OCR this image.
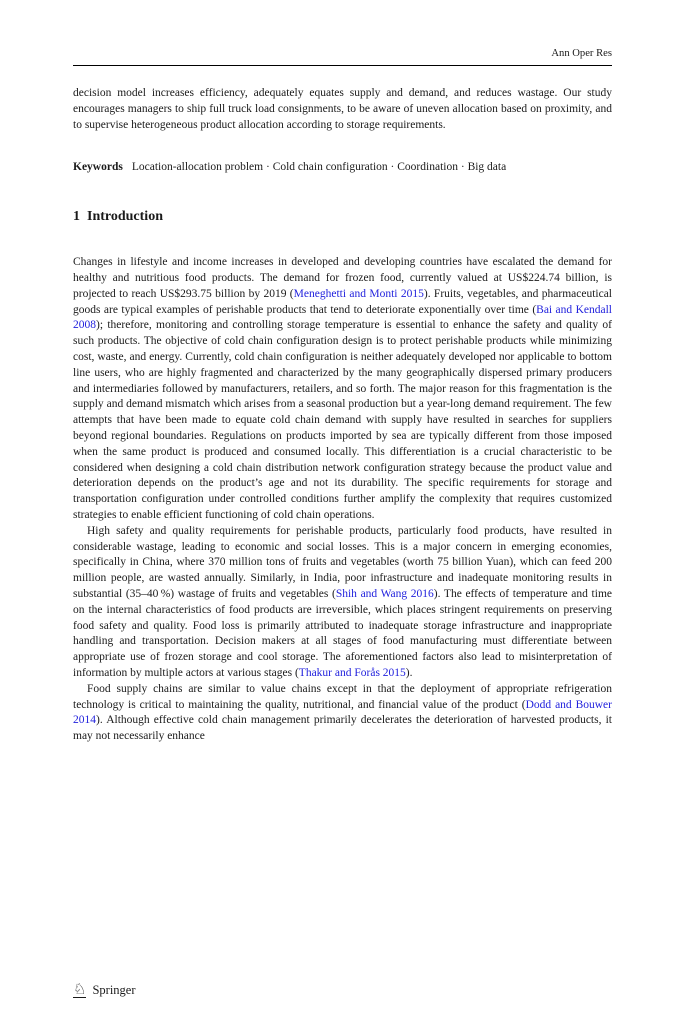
Ann Oper Res

decision model increases efficiency, adequately equates supply and demand, and reduces wastage. Our study encourages managers to ship full truck load consignments, to be aware of uneven allocation based on proximity, and to supervise heterogeneous product allocation according to storage requirements.

Keywords Location-allocation problem · Cold chain configuration · Coordination · Big data

1 Introduction

Changes in lifestyle and income increases in developed and developing countries have escalated the demand for healthy and nutritious food products. The demand for frozen food, currently valued at US$224.74 billion, is projected to reach US$293.75 billion by 2019 (Meneghetti and Monti 2015). Fruits, vegetables, and pharmaceutical goods are typical examples of perishable products that tend to deteriorate exponentially over time (Bai and Kendall 2008); therefore, monitoring and controlling storage temperature is essential to enhance the safety and quality of such products. The objective of cold chain configuration design is to protect perishable products while minimizing cost, waste, and energy. Currently, cold chain configuration is neither adequately developed nor applicable to bottom line users, who are highly fragmented and characterized by the many geographically dispersed primary producers and intermediaries followed by manufacturers, retailers, and so forth. The major reason for this fragmentation is the supply and demand mismatch which arises from a seasonal production but a year-long demand requirement. The few attempts that have been made to equate cold chain demand with supply have resulted in searches for suppliers beyond regional boundaries. Regulations on products imported by sea are typically different from those imposed when the same product is produced and consumed locally. This differentiation is a crucial characteristic to be considered when designing a cold chain distribution network configuration strategy because the product value and deterioration depends on the product’s age and not its durability. The specific requirements for storage and transportation configuration under controlled conditions further amplify the complexity that requires customized strategies to enable efficient functioning of cold chain operations.

High safety and quality requirements for perishable products, particularly food products, have resulted in considerable wastage, leading to economic and social losses. This is a major concern in emerging economies, specifically in China, where 370 million tons of fruits and vegetables (worth 75 billion Yuan), which can feed 200 million people, are wasted annually. Similarly, in India, poor infrastructure and inadequate monitoring results in substantial (35–40 %) wastage of fruits and vegetables (Shih and Wang 2016). The effects of temperature and time on the internal characteristics of food products are irreversible, which places stringent requirements on preserving food safety and quality. Food loss is primarily attributed to inadequate storage infrastructure and inappropriate handling and transportation. Decision makers at all stages of food manufacturing must differentiate between appropriate use of frozen storage and cool storage. The aforementioned factors also lead to misinterpretation of information by multiple actors at various stages (Thakur and Forås 2015).

Food supply chains are similar to value chains except in that the deployment of appropriate refrigeration technology is critical to maintaining the quality, nutritional, and financial value of the product (Dodd and Bouwer 2014). Although effective cold chain management primarily decelerates the deterioration of harvested products, it may not necessarily enhance

♘ Springer
